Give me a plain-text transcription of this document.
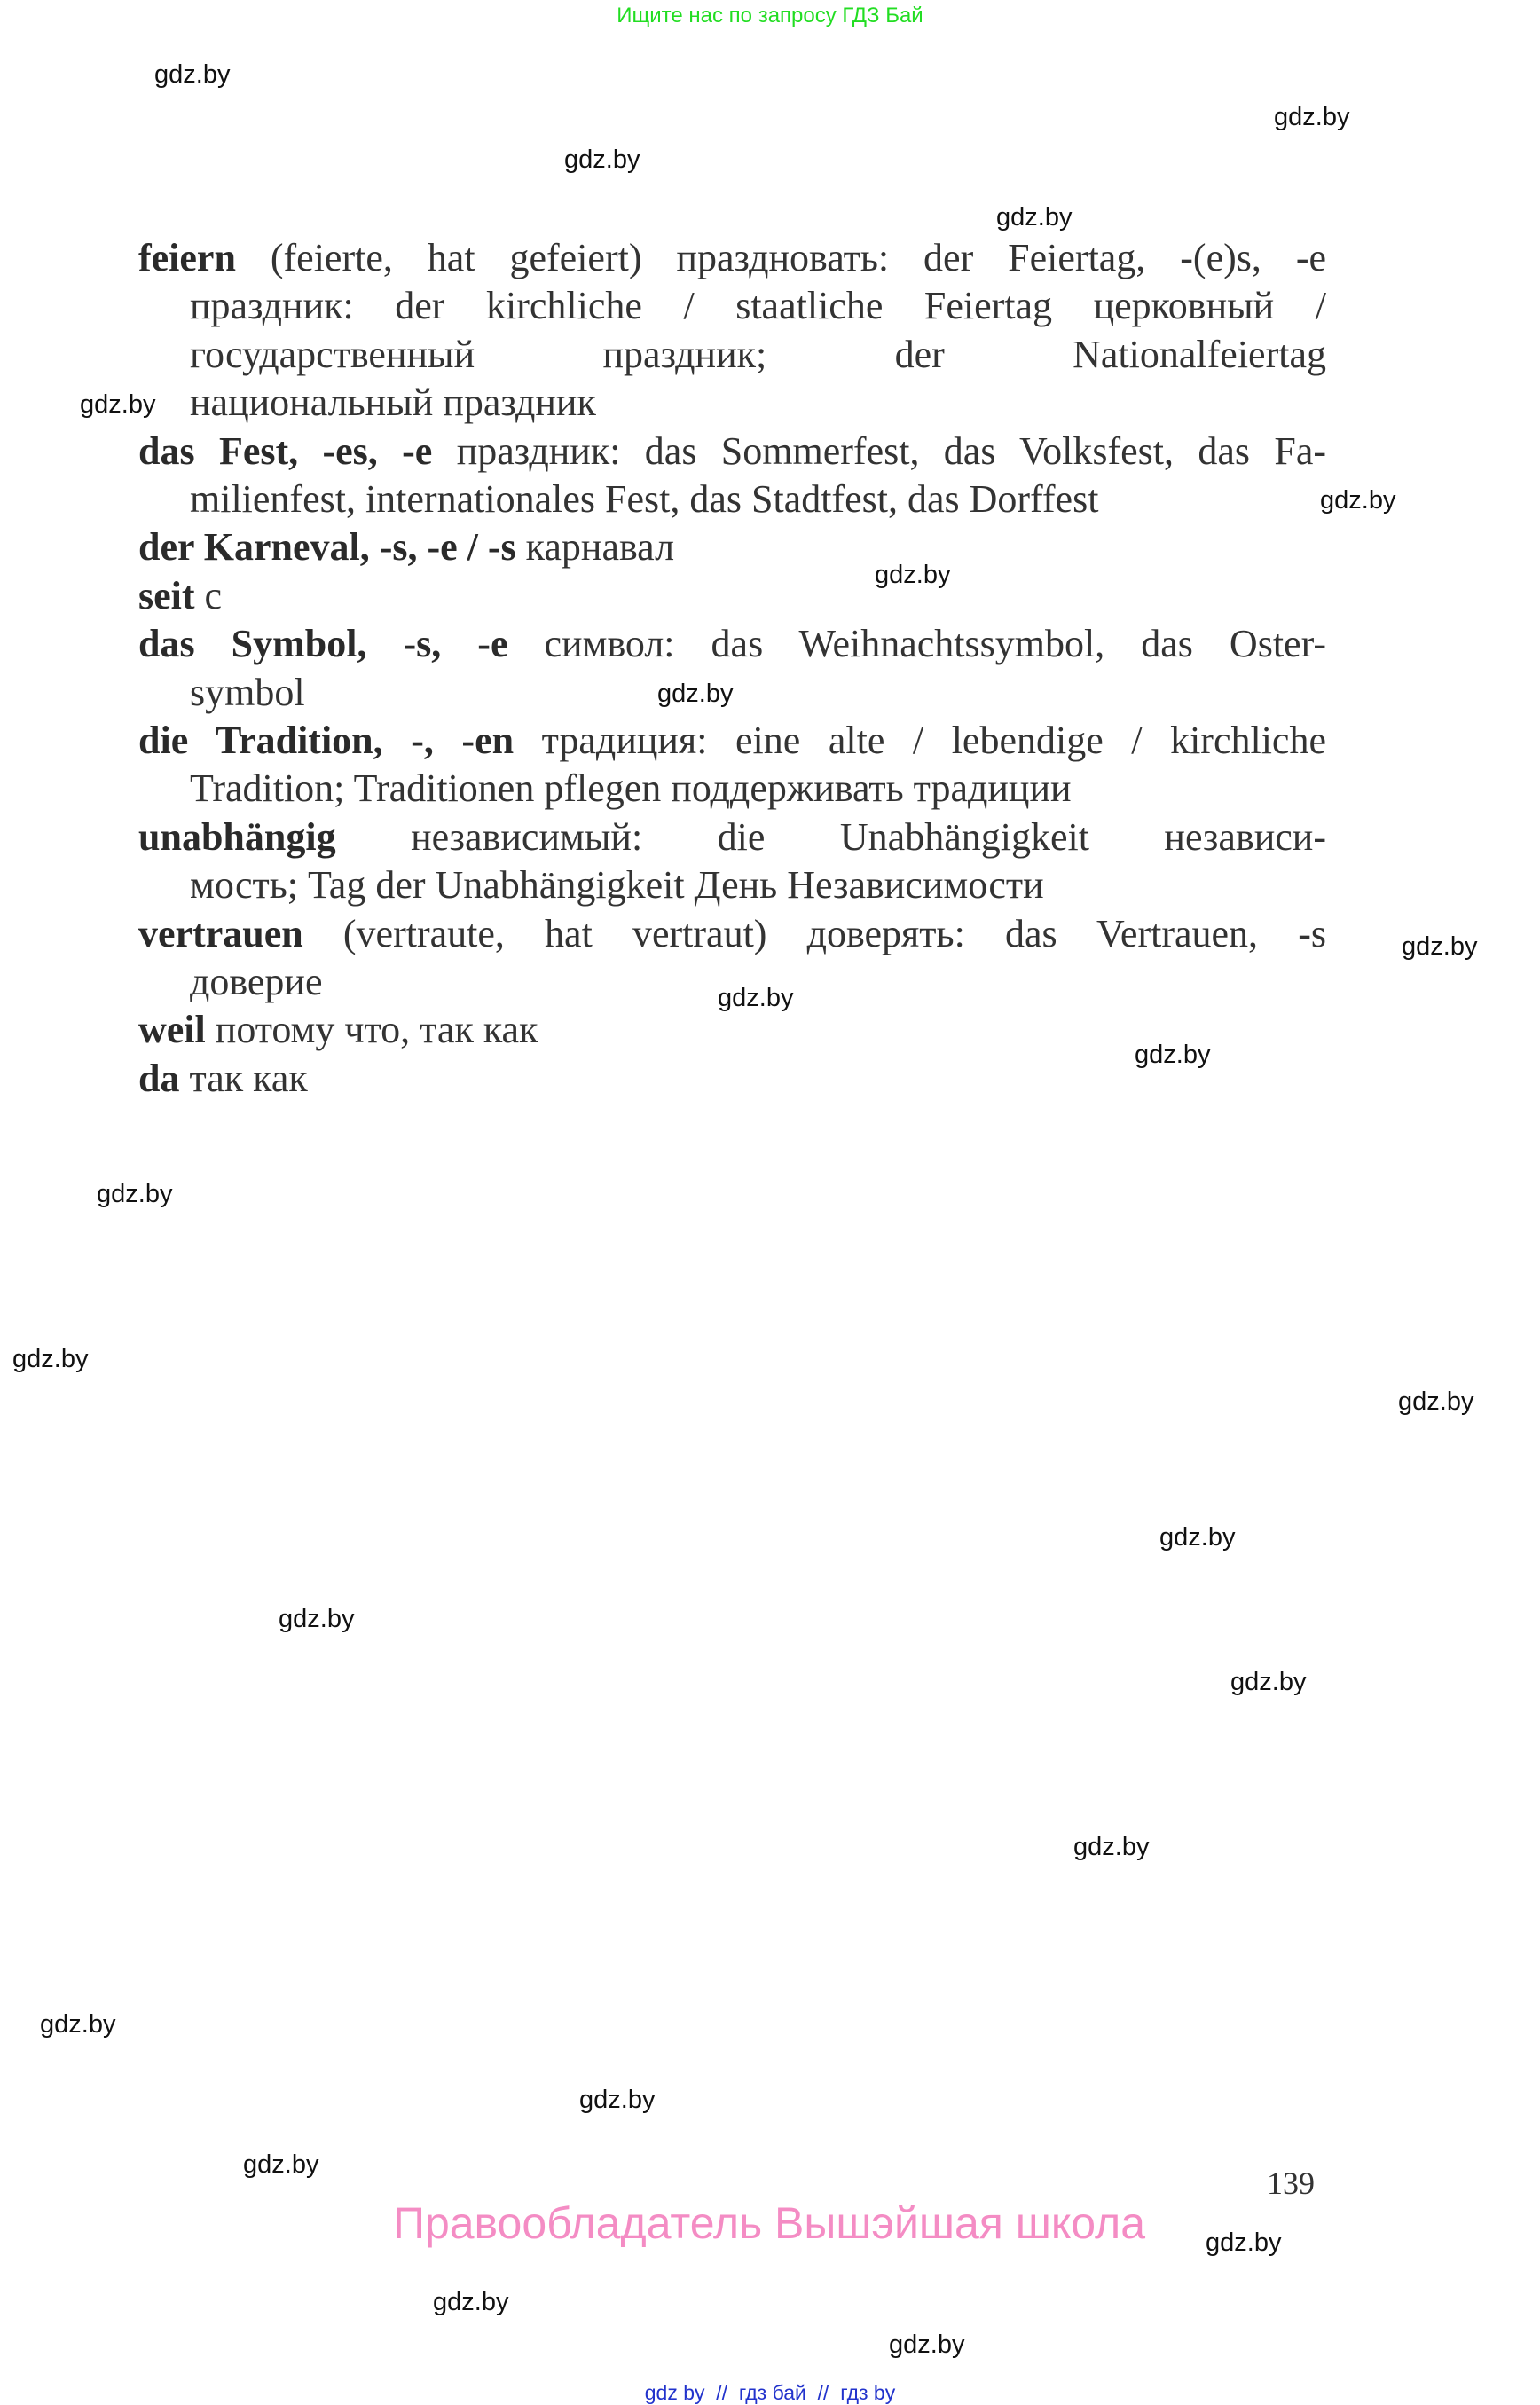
Ищите нас по запросу ГДЗ Бай
gdz.by
gdz.by
gdz.by
gdz.by
gdz.by
gdz.by
gdz.by
gdz.by
gdz.by
gdz.by
gdz.by
gdz.by
gdz.by
gdz.by
gdz.by
gdz.by
gdz.by
gdz.by
gdz.by
gdz.by
gdz.by
gdz.by
gdz.by
gdz.by
feiern (feierte, hat gefeiert) праздновать: der Feiertag, -(e)s, -e
праздник: der kirchliche / staatliche Feiertag церковный /
государственный праздник; der Nationalfeiertag
национальный праздник
das Fest, -es, -e праздник: das Sommerfest, das Volksfest, das Fa-
milienfest, internationales Fest, das Stadtfest, das Dorffest
der Karneval, -s, -e / -s карнавал
seit с
das Symbol, -s, -e символ: das Weihnachtssymbol, das Oster-
symbol
die Tradition, -, -en традиция: eine alte / lebendige / kirchliche
Tradition; Traditionen pflegen поддерживать традиции
unabhängig независимый: die Unabhängigkeit независи-
мость; Tag der Unabhängigkeit День Независимости
vertrauen (vertraute, hat vertraut) доверять: das Vertrauen, -s
доверие
weil потому что, так как
da так как
139
Правообладатель Вышэйшая школа
gdz by  //  гдз бай  //  гдз by
